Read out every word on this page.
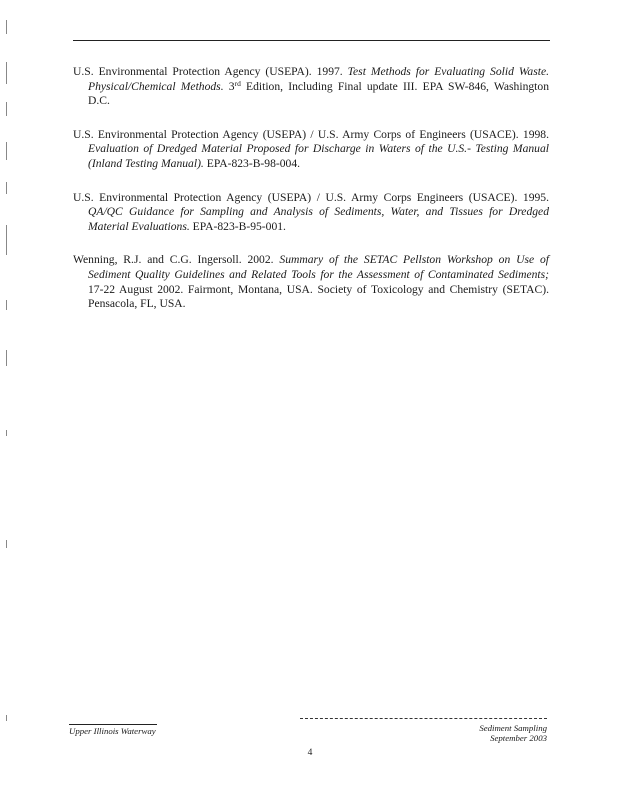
U.S. Environmental Protection Agency (USEPA). 1997. Test Methods for Evaluating Solid Waste. Physical/Chemical Methods. 3rd Edition, Including Final update III. EPA SW-846, Washington D.C.

U.S. Environmental Protection Agency (USEPA) / U.S. Army Corps of Engineers (USACE). 1998. Evaluation of Dredged Material Proposed for Discharge in Waters of the U.S.- Testing Manual (Inland Testing Manual). EPA-823-B-98-004.

U.S. Environmental Protection Agency (USEPA) / U.S. Army Corps Engineers (USACE). 1995. QA/QC Guidance for Sampling and Analysis of Sediments, Water, and Tissues for Dredged Material Evaluations. EPA-823-B-95-001.

Wenning, R.J. and C.G. Ingersoll. 2002. Summary of the SETAC Pellston Workshop on Use of Sediment Quality Guidelines and Related Tools for the Assessment of Contaminated Sediments; 17-22 August 2002. Fairmont, Montana, USA. Society of Toxicology and Chemistry (SETAC). Pensacola, FL, USA.

Upper Illinois Waterway	Sediment Sampling
September 2003
4
